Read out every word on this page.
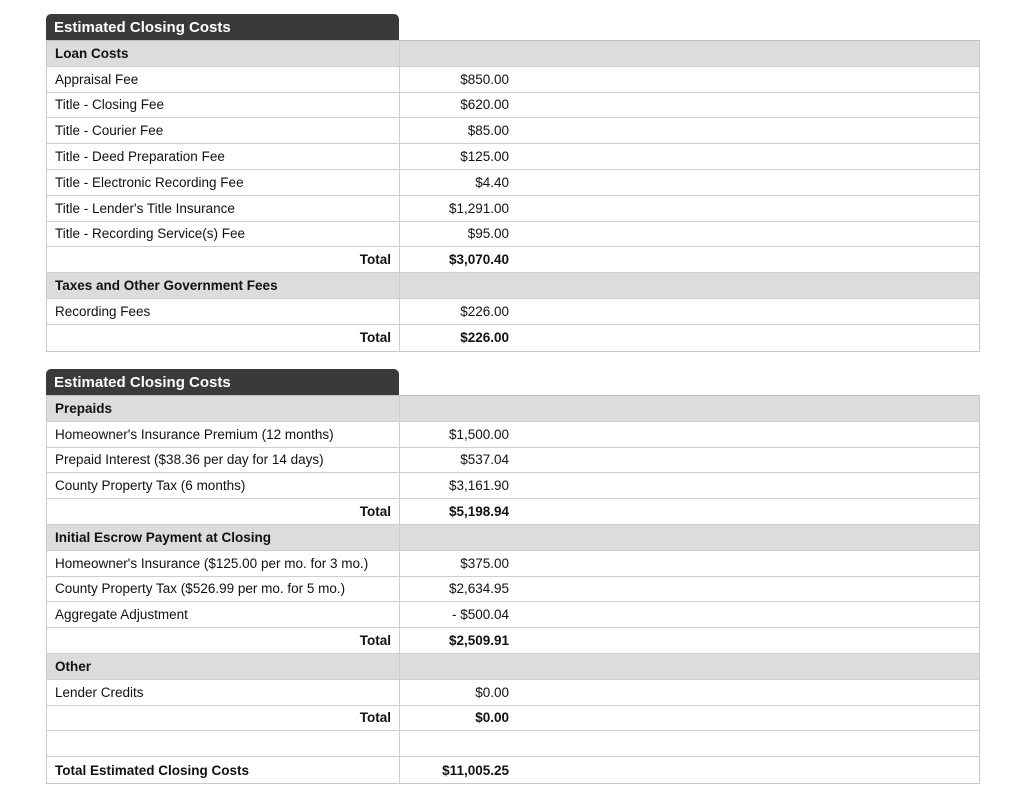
Estimated Closing Costs
Loan Costs
Appraisal Fee	$850.00
Title - Closing Fee	$620.00
Title - Courier Fee	$85.00
Title - Deed Preparation Fee	$125.00
Title - Electronic Recording Fee	$4.40
Title - Lender's Title Insurance	$1,291.00
Title - Recording Service(s) Fee	$95.00
Total	$3,070.40
Taxes and Other Government Fees
Recording Fees	$226.00
Total	$226.00
Estimated Closing Costs
Prepaids
Homeowner's Insurance Premium (12 months)	$1,500.00
Prepaid Interest ($38.36 per day for 14 days)	$537.04
County Property Tax (6 months)	$3,161.90
Total	$5,198.94
Initial Escrow Payment at Closing
Homeowner's Insurance ($125.00 per mo. for 3 mo.)	$375.00
County Property Tax ($526.99 per mo. for 5 mo.)	$2,634.95
Aggregate Adjustment	- $500.04
Total	$2,509.91
Other
Lender Credits	$0.00
Total	$0.00
Total Estimated Closing Costs	$11,005.25
